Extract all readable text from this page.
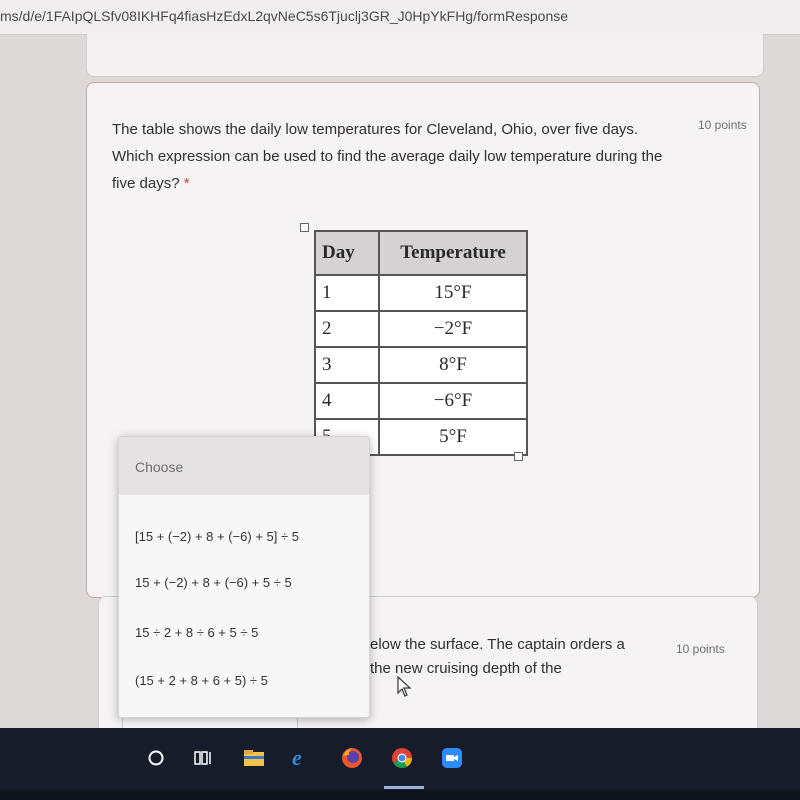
ms/d/e/1FAIpQLSfv08IKHFq4fiasHzEdxL2qvNeC5s6Tjuclj3GR_J0HpYkFHg/formResponse
The table shows the daily low temperatures for Cleveland, Ohio, over five days. Which expression can be used to find the average daily low temperature during the five days? *
10 points
Day	Temperature
1	15°F
2	−2°F
3	8°F
4	−6°F
	5°F
elow the surface. The captain orders a
the new cruising depth of the
10 points
Choose
[15 + (−2) + 8 + (−6) + 5] ÷ 5
15 + (−2) + 8 + (−6) + 5 ÷ 5
15 ÷ 2 + 8 ÷ 6 + 5 ÷ 5
(15 + 2 + 8 + 6 + 5) ÷ 5
e
